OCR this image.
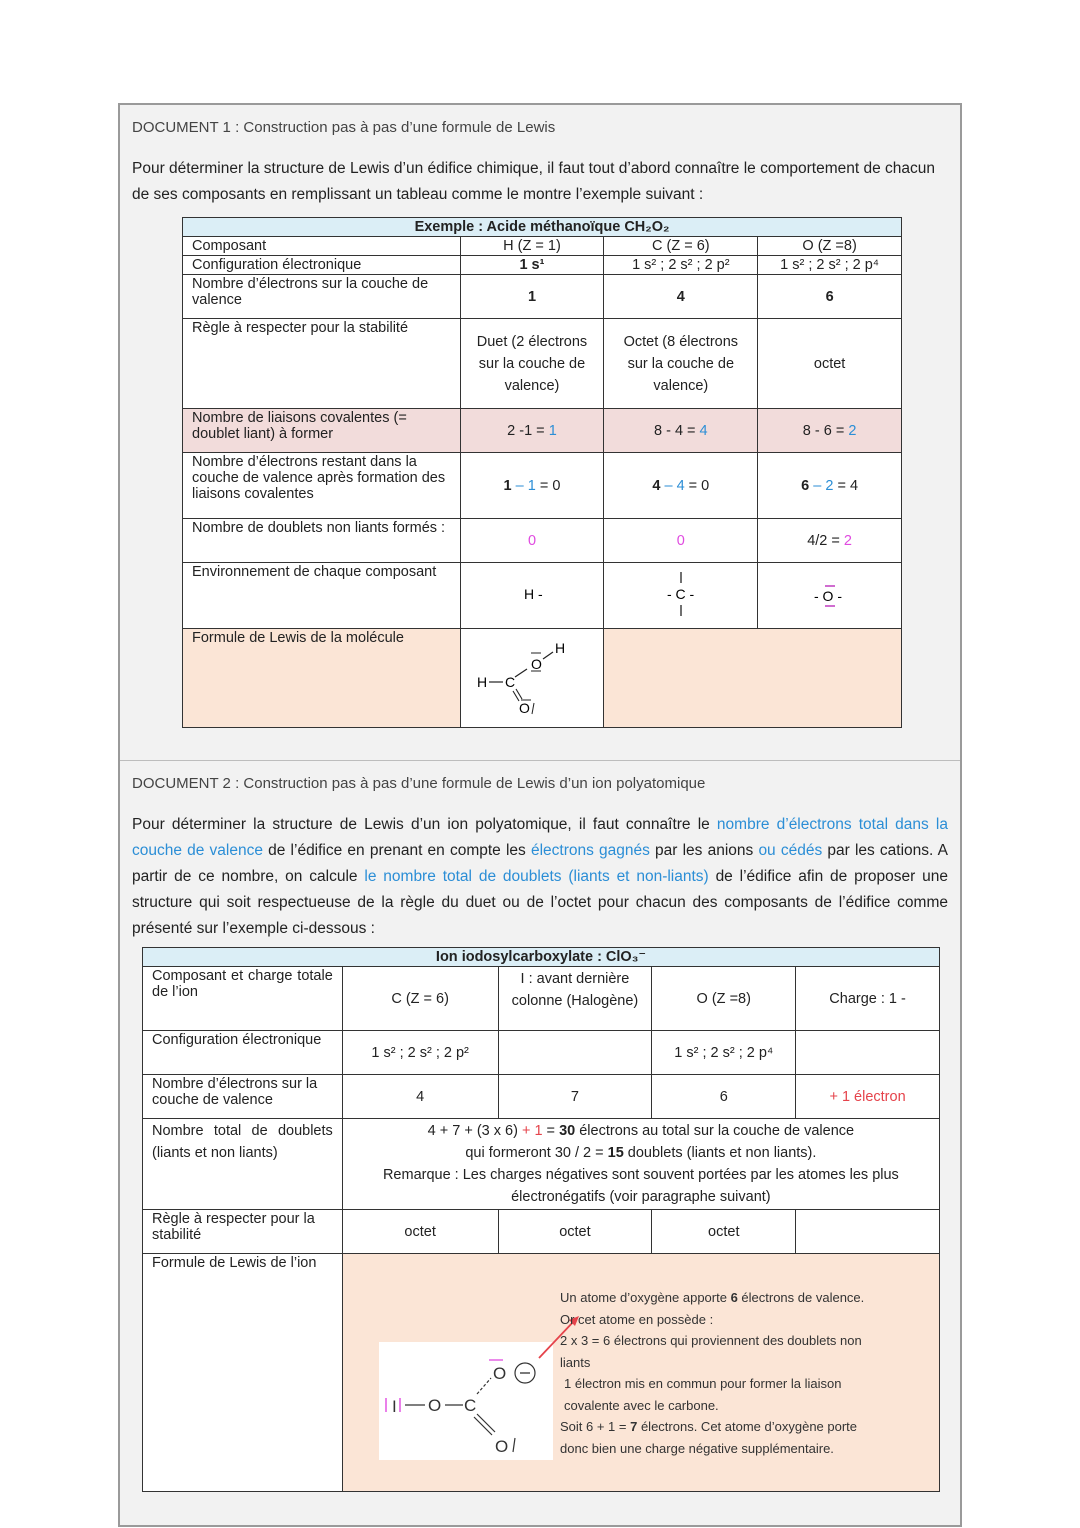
DOCUMENT 1 : Construction pas à pas d’une formule de Lewis

Pour déterminer la structure de Lewis d’un édifice chimique, il faut tout d’abord connaître le comportement de chacun de ses composants en remplissant un tableau comme le montre l’exemple suivant :

Exemple : Acide méthanoïque CH₂O₂			
Composant	H (Z = 1)	C (Z = 6)	O (Z =8)
Configuration électronique	1 s¹	1 s² ; 2 s² ; 2 p²	1 s² ; 2 s² ; 2 p⁴
Nombre d’électrons sur la couche de valence	1	4	6
Règle à respecter pour la stabilité	Duet (2 électrons sur la couche de valence)	Octet (8 électrons sur la couche de valence)	octet
Nombre de liaisons covalentes (= doublet liant) à former	2 -1 = 1	8 - 4 = 4	8 - 6 = 2
Nombre d’électrons restant dans la couche de valence après formation des liaisons covalentes	1 – 1 = 0	4 – 4 = 0	6 – 2 = 4
Nombre de doublets non liants formés :	0	0	4/2 = 2
Environnement de chaque composant	H -	- C -	- O -

Formule de Lewis de la molécule	H C
O
H
O		

DOCUMENT 2 : Construction pas à pas d’une formule de Lewis d’un ion polyatomique

Pour déterminer la structure de Lewis d’un ion polyatomique, il faut connaître le nombre d’électrons total dans la couche de valence de l’édifice en prenant en compte les électrons gagnés par les anions ou cédés par les cations. A partir de ce nombre, on calcule le nombre total de doublets (liants et non-liants) de l’édifice afin de proposer une structure qui soit respectueuse de la règle du duet ou de l’octet pour chacun des composants de l’édifice comme présenté sur l’exemple ci-dessous :

Ion iodosylcarboxylate : ClO₃⁻				
Composant et charge totale de l’ion	C (Z = 6)	I : avant dernière colonne (Halogène)	O (Z =8)	Charge : 1 -
Configuration électronique	1 s² ; 2 s² ; 2 p²		1 s² ; 2 s² ; 2 p⁴	
Nombre d’électrons sur la couche de valence	4	7	6	+ 1 électron
Nombre total de doublets (liants et non liants)	4 + 7 + (3 x 6) + 1 = 30 électrons au total sur la couche de valence
qui formeront 30 / 2 = 15 doublets (liants et non liants).
Remarque : Les charges négatives sont souvent portées par les atomes les plus électronégatifs (voir paragraphe suivant)			

Règle à respecter pour la stabilité	octet	octet	octet	
Formule de Lewis de l’ion	I O C
O
O			
Un atome d’oxygène apporte 6 électrons de valence. Or cet atome en possède :
2 x 3 = 6 électrons qui proviennent des doublets non liants
1 électron mis en commun pour former la liaison covalente avec le carbone.
Soit 6 + 1 = 7 électrons. Cet atome d’oxygène porte donc bien une charge négative supplémentaire.
